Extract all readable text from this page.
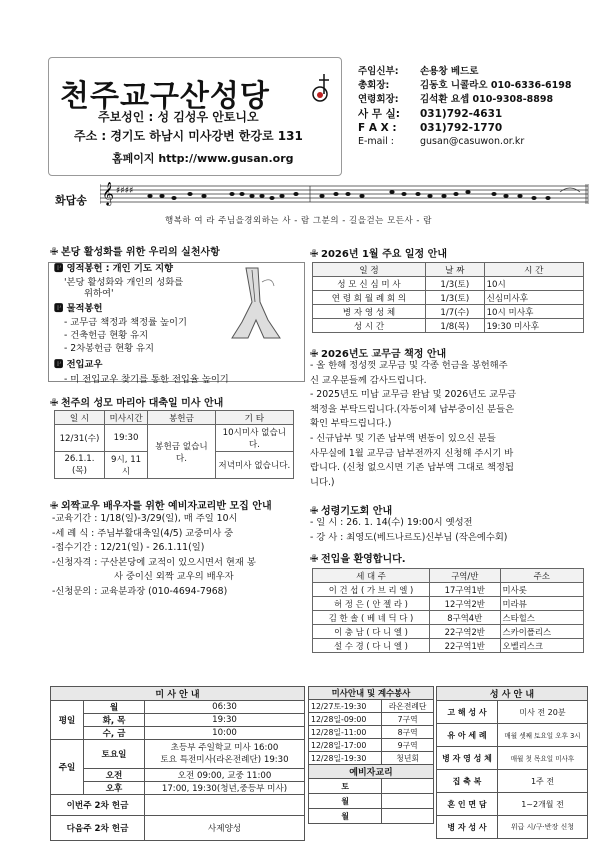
천주교구산성당
주보성인 : 성 김성우 안토니오
주소 : 경기도 하남시 미사강변 한강로 131
홈페이지 http://www.gusan.org
주임신부: 손용창 베드로
총회장:	김동호 니콜라오 010-6336-6198
연령회장: 김석환 요셉 010-9308-8898
사 무 실: 031)792-4631
F A X : 031)792-1770
E-mail :	gusan@casuwon.or.kr
화답송 𝄞 ♯♯♯♯
행복하 여 라 주님을경외하는 사 - 람 그분의 - 길을걷는 모든사 - 람
✙ 본당 활성화를 위한 우리의 실천사항
🅿 영적봉헌 : 개인 기도 지향
'본당 활성화와 개인의 성화를
위하여'
🅿 물적봉헌
- 교무금 책정과 책정률 높이기
- 건축헌금 현황 유지
- 2차봉헌금 현황 유지
🅿 전입교우
- 미 전입교우 찾기를 통한 전입율 높이기
✙ 천주의 성모 마리아 대축일 미사 안내
일 시	미사시간	봉헌금	기 타
12/31(수)	19:30	봉헌금 없습니다.	10시미사 없습니다.
26.1.1.(목)	9시, 11시		저녁미사 없습니다.
✙ 외짝교우 배우자를 위한 예비자교리반 모집 안내
-교육기간 : 1/18(일)-3/29(일), 매 주일 10시
-세 례 식 : 주님부활대축일(4/5) 교중미사 중
-접수기간 : 12/21(일) - 26.1.11(일)
-신청자격 : 구산본당에 교적이 있으시면서 현재 봉
사 중이신 외짝 교우의 배우자
-신청문의 : 교육분과장 (010-4694-7968)
✙ 2026년 1월 주요 일정 안내
일 정	날 짜	시 간
성 모 신 심 미 사	1/3(토)	10시
연 령 회 월 례 회 의	1/3(토)	신심미사후
병 자 영 성 체	1/7(수)	10시 미사후
성 시 간	1/8(목)	19:30 미사후
✙ 2026년도 교무금 책정 안내
- 올 한해 정성껏 교무금 및 각종 헌금을 봉헌해주
신 교우분들께 감사드립니다.
- 2025년도 미납 교무금 완납 및 2026년도 교무금
책정을 부탁드립니다.(자동이체 납부중이신 분들은
확인 부탁드립니다.)
- 신규납부 및 기존 납부액 변동이 있으신 분들
사무실에 1월 교무금 납부전까지 신청해 주시기 바
랍니다. (신청 없으시면 기존 납부액 그대로 책정됩
니다.)
✙ 성령기도회 안내
- 일 시 : 26. 1. 14(수) 19:00시 옛성전
- 강 사 : 최영도(베드나르도)신부님 (작은예수회)
✙ 전입을 환영합니다.
세 대 주	구역/반	주소
이 건 섭 ( 가 브 리 엘 )	17구역1반	미사롯
허 정 은 ( 안 젤 라 )	12구역2반	미라뷰
김 한 솔 ( 베 네 딕 다 )	8구역4반	스타힐스
이 충 남 ( 다 니 엘 )	22구역2반	스카이폴리스
설 수 경 ( 다 니 엘 )	22구역1반	오벨리스크
미 사 안 내		
평일	월	06:30
	화, 목	19:30
	수, 금	10:00
주일	토요일	초등부 주일학교 미사 16:00
토요 특전미사(라온전례단) 19:30

	오전	오전 09:00, 교중 11:00
	오후	17:00, 19:30(청년,중등부 미사)
이번주 2차 헌금		
다음주 2차 헌금		사제양성
미사안내 및 계수봉사	
12/27토-19:30	라온전례단
12/28일-09:00	7구역
12/28일-11:00	8구역
12/28일-17:00	9구역
12/28일-19:30	청년회
예비자교리	
토	
월	
월	
성 사 안 내	
고 해 성 사	미사 전 20분
유 아 세 례	매월 셋째 토요일 오후 3시
병 자 영 성 체	매월 첫 목요일 미사후
집 축 복	1주 전
혼 인 면 담	1~2개월 전
병 자 성 사	위급 시/구·반장 신청
